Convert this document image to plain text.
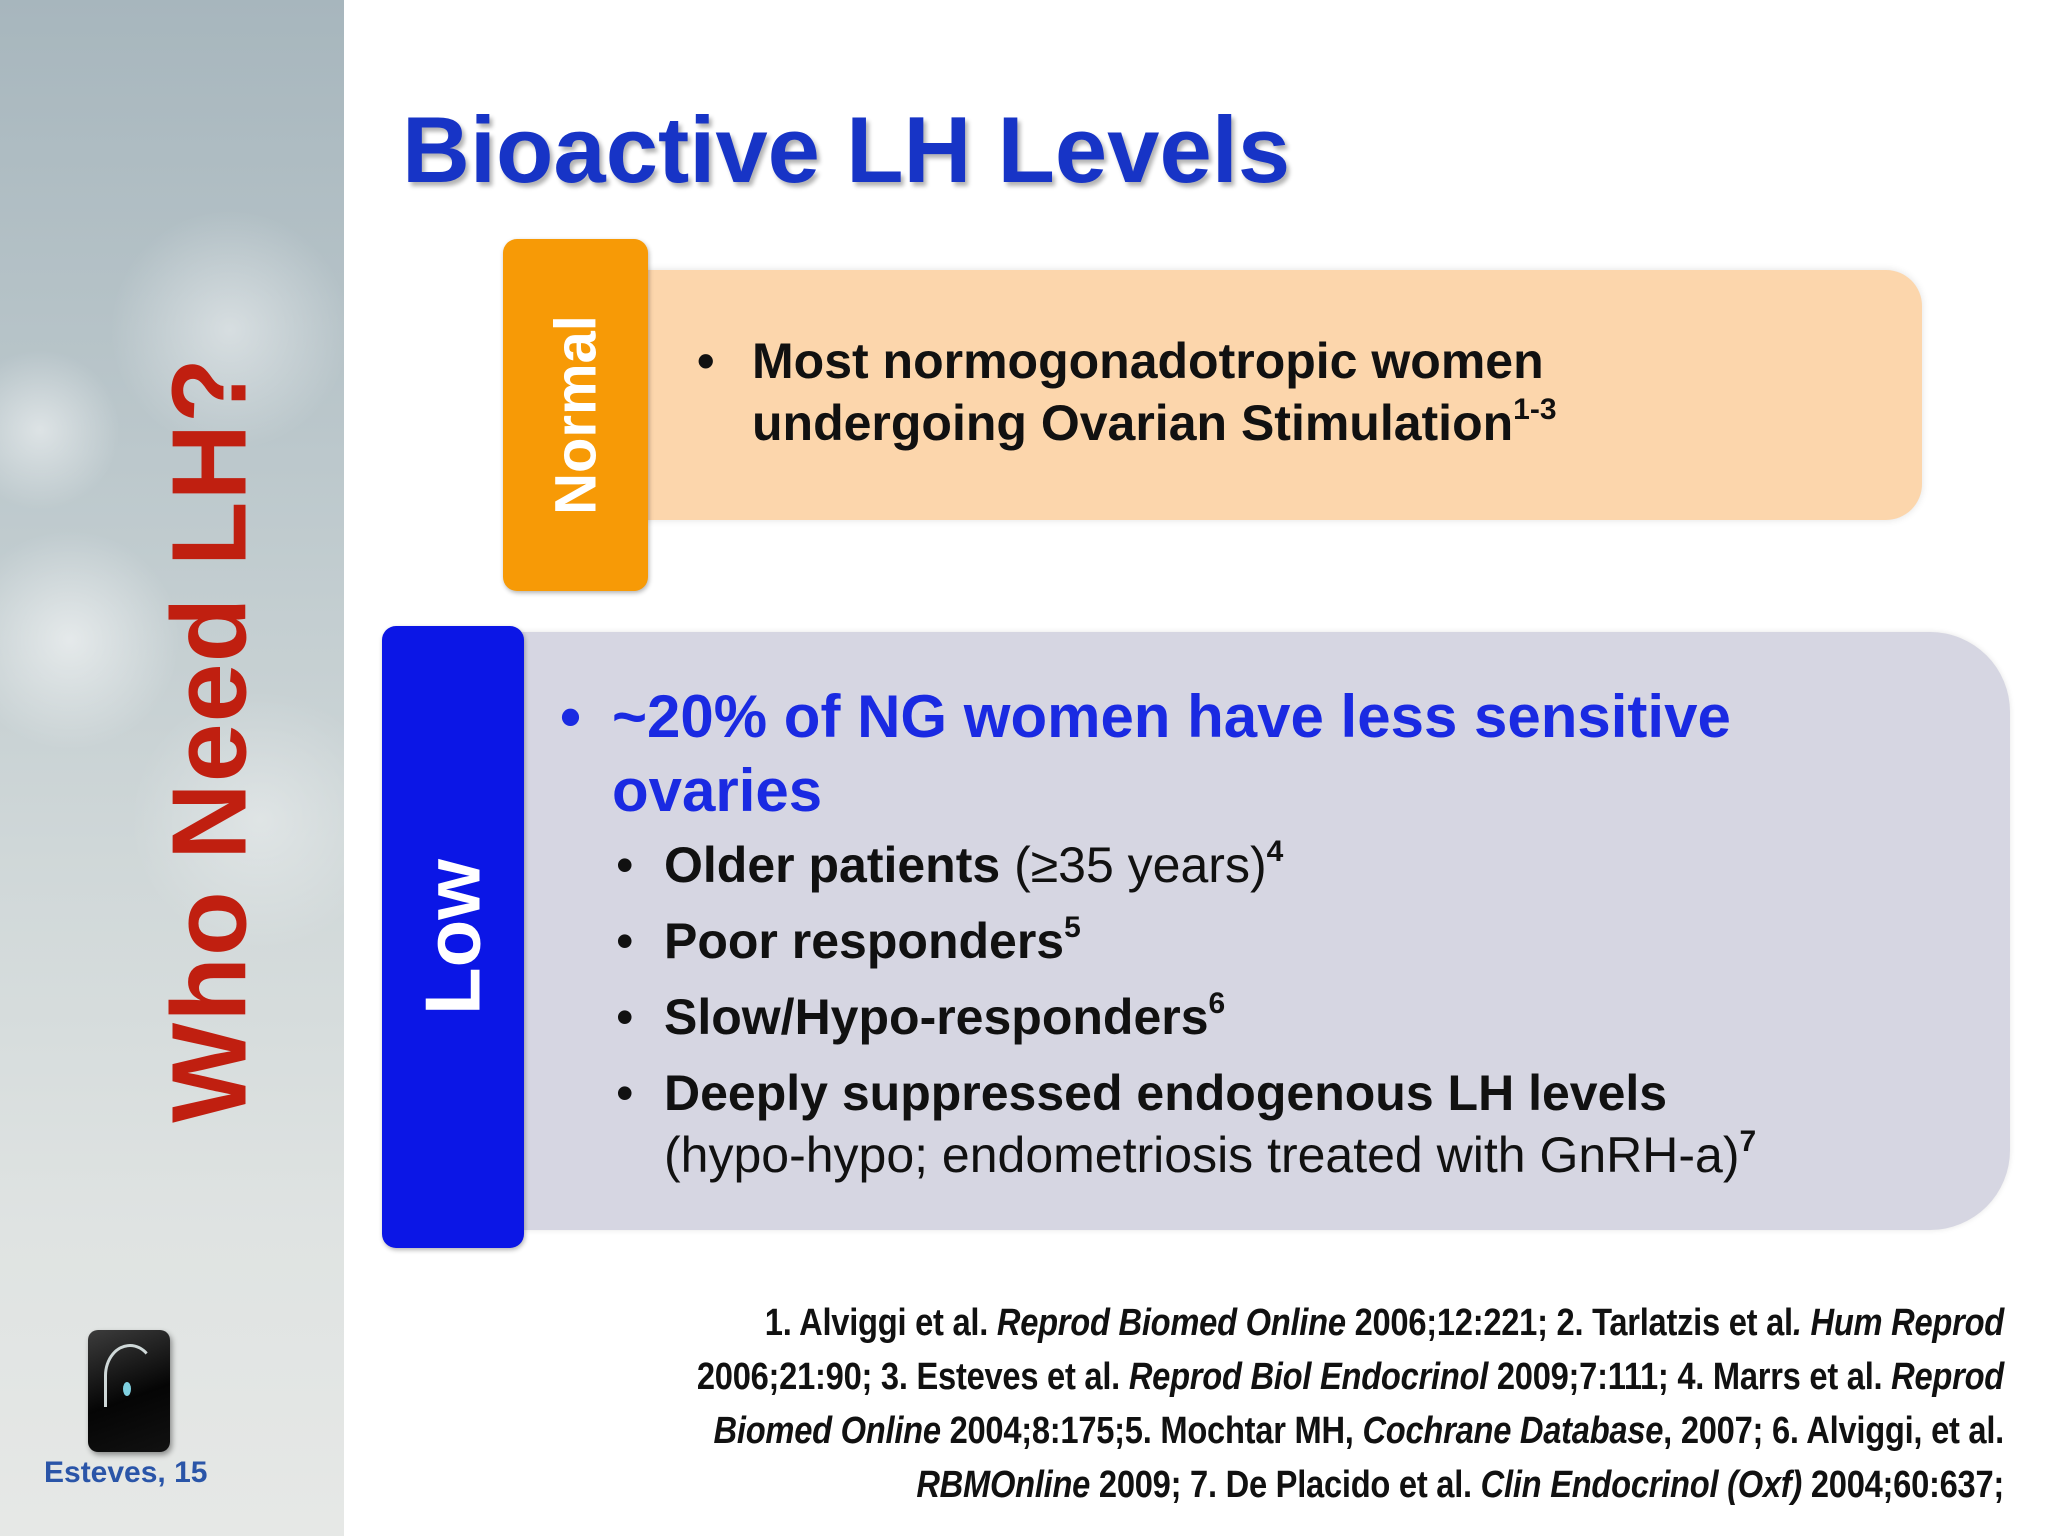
Who Need LH?
Esteves, 15
Bioactive LH Levels
Normal • Most normogonadotropic women
undergoing Ovarian Stimulation$^{1-3}$
Low
• ~20% of NG women have less sensitive
ovaries
• Older patients (≥35 years)$^4$
• Poor responders$^5$
• Slow/Hypo-responders$^6$
• Deeply suppressed endogenous LH levels
(hypo-hypo; endometriosis treated with GnRH-a)$^7$
1. Alviggi et al. Reprod Biomed Online 2006;12:221; 2. Tarlatzis et al. Hum Reprod
2006;21:90; 3. Esteves et al. Reprod Biol Endocrinol 2009;7:111; 4. Marrs et al. Reprod Biomed Online 2004;8:175;5. Mochtar MH, Cochrane Database, 2007; 6. Alviggi, et al.
RBMOnline 2009; 7. De Placido et al. Clin Endocrinol (Oxf) 2004;60:637;
